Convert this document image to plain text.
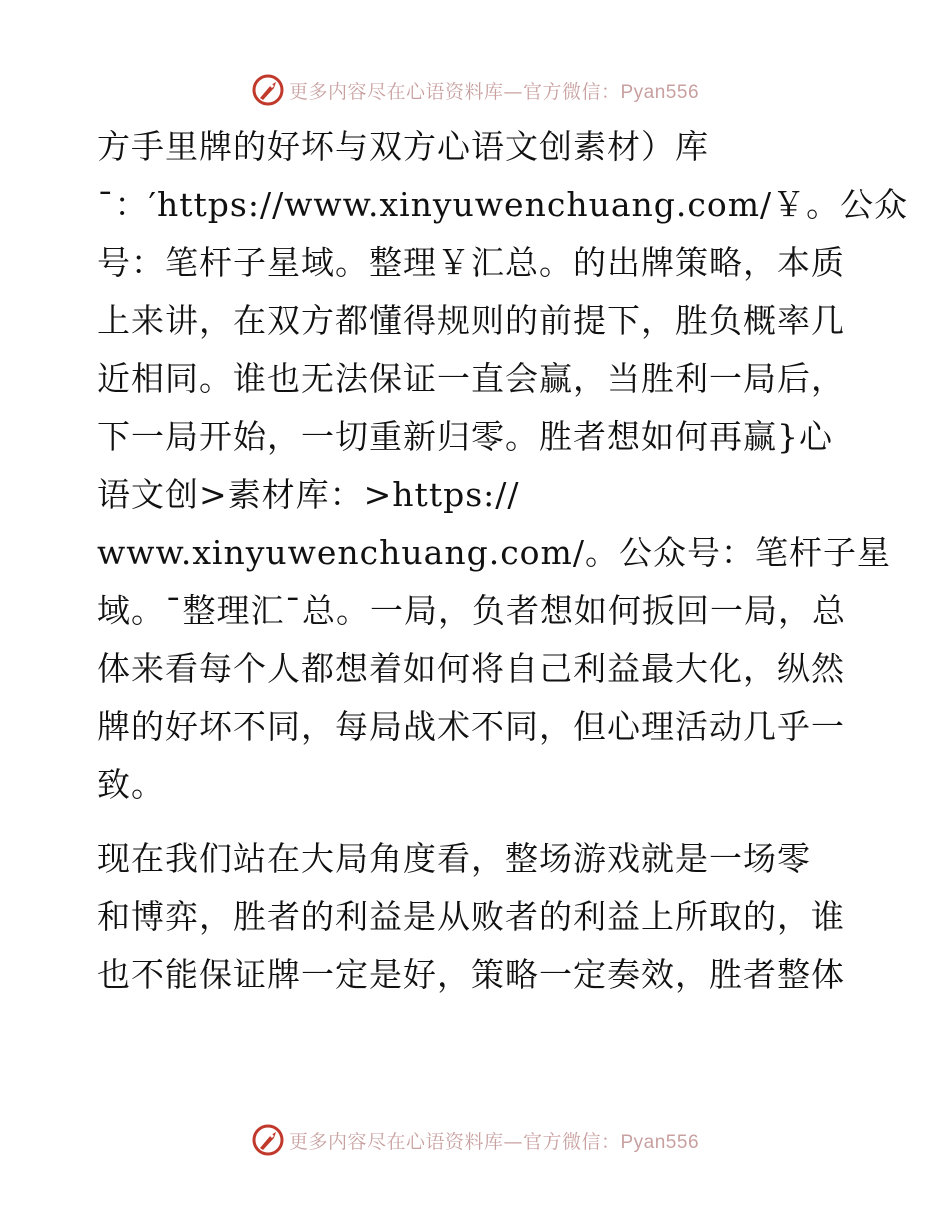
更多内容尽在心语资料库—官方微信：Pyan556

方手里牌的好坏与双方心语文创素材）库
¯：′https://www.xinyuwenchuang.com/￥。公众
号：笔杆子星域。整理￥汇总。的出牌策略，本质
上来讲，在双方都懂得规则的前提下，胜负概率几
近相同。谁也无法保证一直会赢，当胜利一局后，
下一局开始，一切重新归零。胜者想如何再赢}心
语文创>素材库：>https://
www.xinyuwenchuang.com/。公众号：笔杆子星
域。¯整理汇¯总。一局，负者想如何扳回一局，总
体来看每个人都想着如何将自己利益最大化，纵然
牌的好坏不同，每局战术不同，但心理活动几乎一
致。

现在我们站在大局角度看，整场游戏就是一场零
和博弈，胜者的利益是从败者的利益上所取的，谁
也不能保证牌一定是好，策略一定奏效，胜者整体

更多内容尽在心语资料库—官方微信：Pyan556
